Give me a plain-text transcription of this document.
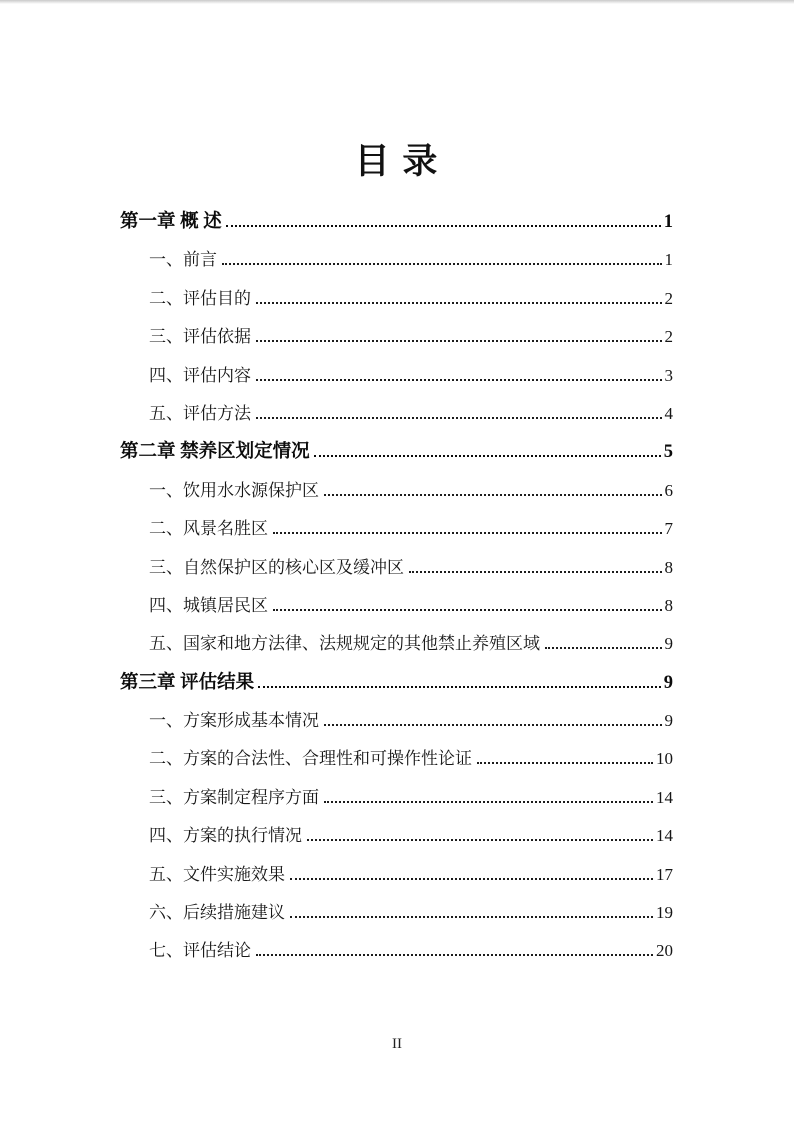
目 录
第一章 概 述	1
一、前言	1
二、评估目的	2
三、评估依据	2
四、评估内容	3
五、评估方法	4
第二章 禁养区划定情况	5
一、饮用水水源保护区	6
二、风景名胜区	7
三、自然保护区的核心区及缓冲区	8
四、城镇居民区	8
五、国家和地方法律、法规规定的其他禁止养殖区域	9
第三章 评估结果	9
一、方案形成基本情况	9
二、方案的合法性、合理性和可操作性论证	10
三、方案制定程序方面	14
四、方案的执行情况	14
五、文件实施效果	17
六、后续措施建议	19
七、评估结论	20
II
